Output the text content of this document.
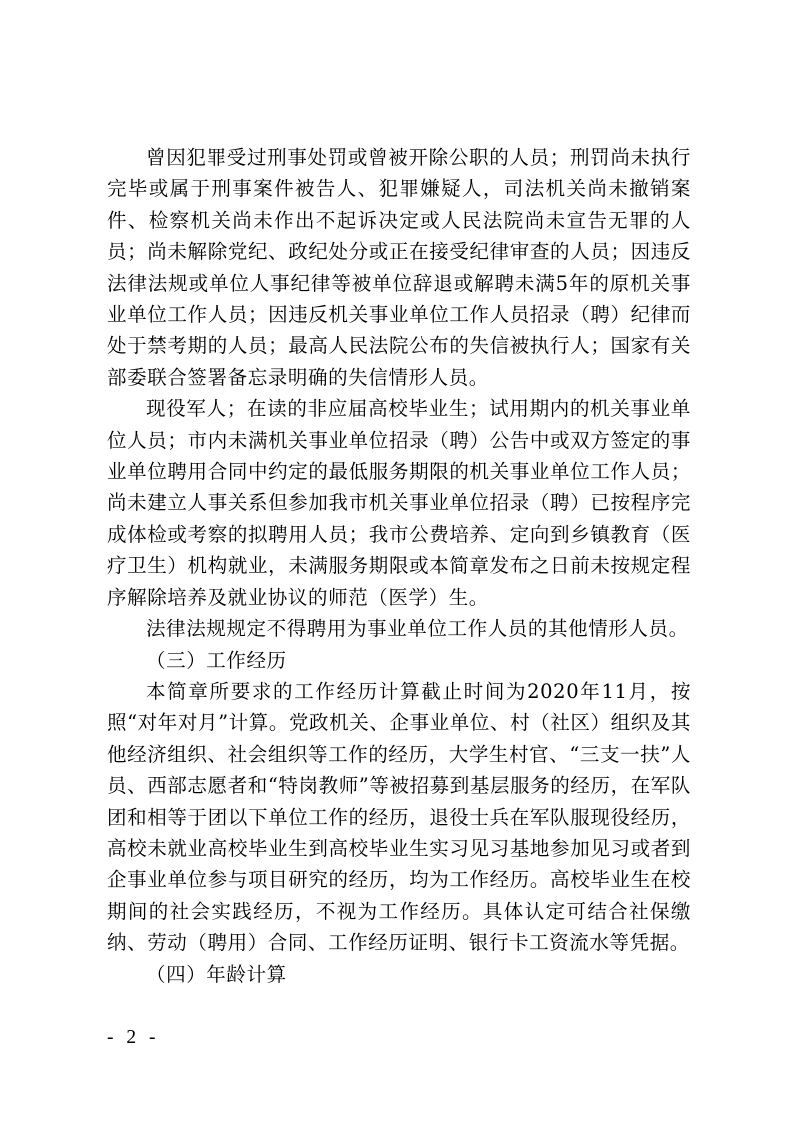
曾因犯罪受过刑事处罚或曾被开除公职的人员；刑罚尚未执行完毕或属于刑事案件被告人、犯罪嫌疑人，司法机关尚未撤销案件、检察机关尚未作出不起诉决定或人民法院尚未宣告无罪的人员；尚未解除党纪、政纪处分或正在接受纪律审查的人员；因违反法律法规或单位人事纪律等被单位辞退或解聘未满5年的原机关事业单位工作人员；因违反机关事业单位工作人员招录（聘）纪律而处于禁考期的人员；最高人民法院公布的失信被执行人；国家有关部委联合签署备忘录明确的失信情形人员。

现役军人；在读的非应届高校毕业生；试用期内的机关事业单位人员；市内未满机关事业单位招录（聘）公告中或双方签定的事业单位聘用合同中约定的最低服务期限的机关事业单位工作人员；尚未建立人事关系但参加我市机关事业单位招录（聘）已按程序完成体检或考察的拟聘用人员；我市公费培养、定向到乡镇教育（医疗卫生）机构就业，未满服务期限或本简章发布之日前未按规定程序解除培养及就业协议的师范（医学）生。

法律法规规定不得聘用为事业单位工作人员的其他情形人员。

（三）工作经历

本简章所要求的工作经历计算截止时间为2020年11月，按照“对年对月”计算。党政机关、企事业单位、村（社区）组织及其他经济组织、社会组织等工作的经历，大学生村官、“三支一扶”人员、西部志愿者和“特岗教师”等被招募到基层服务的经历，在军队团和相等于团以下单位工作的经历，退役士兵在军队服现役经历，高校未就业高校毕业生到高校毕业生实习见习基地参加见习或者到企事业单位参与项目研究的经历，均为工作经历。高校毕业生在校期间的社会实践经历，不视为工作经历。具体认定可结合社保缴纳、劳动（聘用）合同、工作经历证明、银行卡工资流水等凭据。

（四）年龄计算

- 2 -
